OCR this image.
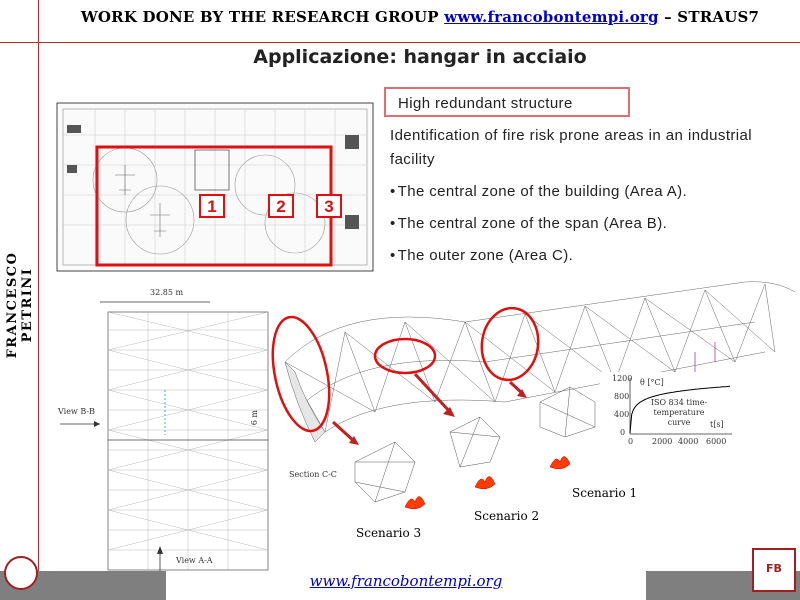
WORK DONE BY THE RESEARCH GROUP www.francobontempi.org – STRAUS7
Applicazione: hangar in acciaio
FRANCESCO PETRINI
1	2	3
High redundant structure
Identification of fire risk prone areas in an industrial facility
• The central zone of the building (Area A).
• The central zone of the span (Area B).
• The outer zone (Area C).
32.85 m
View B-B
View A-A
6 m
θ [°C]
1200
800
400
0
0 2000 4000 6000
t[s]
ISO 834 time-temperature curve
Scenario 1
Scenario 2
Scenario 3
Section C-C
www.francobontempi.org
FB
